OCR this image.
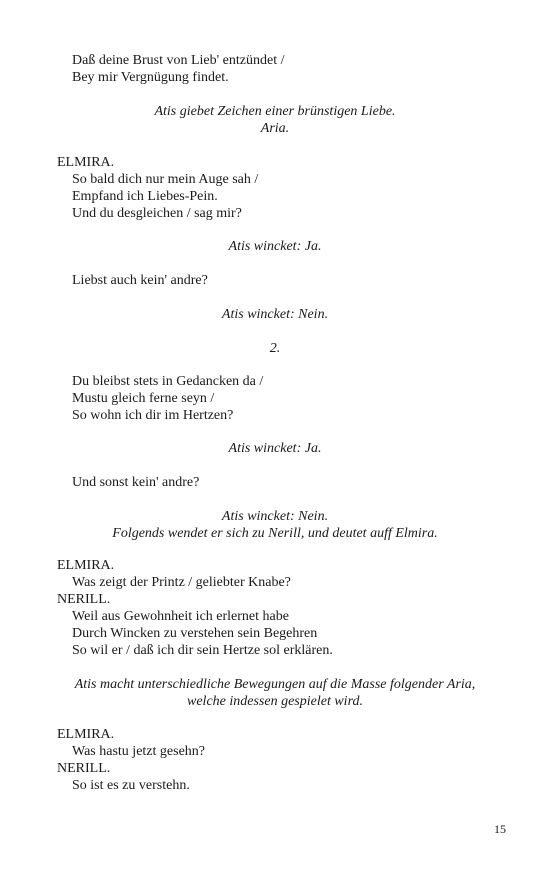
Daß deine Brust von Lieb' entzündet /
Bey mir Vergnügung findet.
Atis giebet Zeichen einer brünstigen Liebe.
Aria.
ELMIRA.
So bald dich nur mein Auge sah /
Empfand ich Liebes-Pein.
Und du desgleichen / sag mir?
Atis wincket: Ja.
Liebst auch kein' andre?
Atis wincket: Nein.
2.
Du bleibst stets in Gedancken da /
Mustu gleich ferne seyn /
So wohn ich dir im Hertzen?
Atis wincket: Ja.
Und sonst kein' andre?
Atis wincket: Nein.
Folgends wendet er sich zu Nerill, und deutet auff Elmira.
ELMIRA.
Was zeigt der Printz / geliebter Knabe?
NERILL.
Weil aus Gewohnheit ich erlernet habe
Durch Wincken zu verstehen sein Begehren
So wil er / daß ich dir sein Hertze sol erklären.
Atis macht unterschiedliche Bewegungen auf die Masse folgender Aria,
welche indessen gespielet wird.
ELMIRA.
Was hastu jetzt gesehn?
NERILL.
So ist es zu verstehn.
15
